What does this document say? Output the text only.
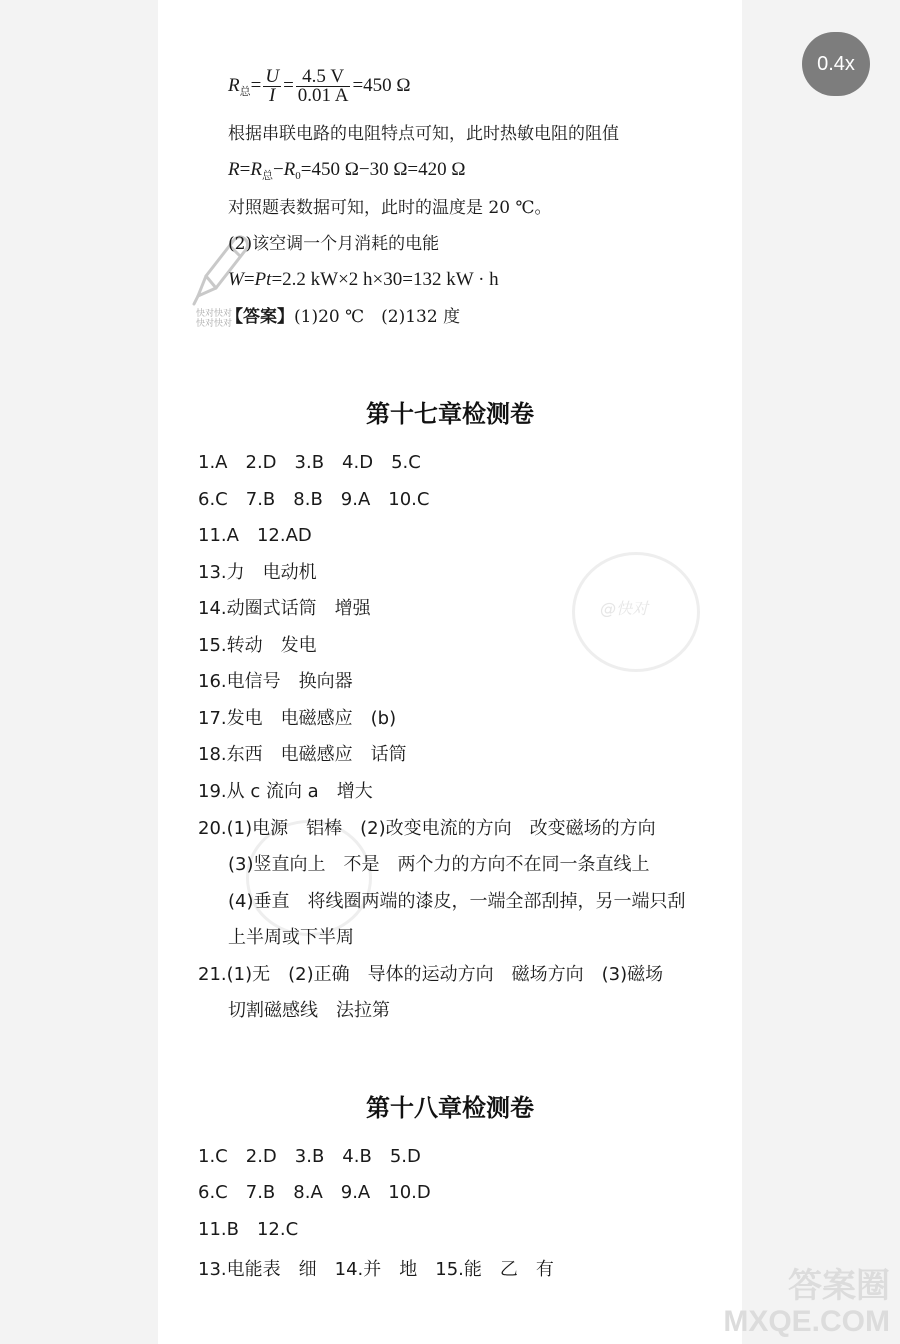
0.4x
@快对
$R_总= \frac{U}{I} = \frac{4.5 V}{0.01 A} =450$ Ω
根据串联电路的电阻特点可知，此时热敏电阻的阻值
$R=R_总-R_0=450$ Ω−30 Ω=420 Ω
对照题表数据可知，此时的温度是 20 ℃。
(2)该空调一个月消耗的电能
W=Pt=2.2 kW×2 h×30=132 kW · h
快对快对
快对快对
【答案】(1)20 ℃　(2)132 度
第十七章检测卷
1.A　2.D　3.B　4.D　5.C
6.C　7.B　8.B　9.A　10.C
11.A　12.AD
13.力　电动机
14.动圈式话筒　增强
15.转动　发电
16.电信号　换向器
17.发电　电磁感应　(b)
18.东西　电磁感应　话筒
19.从 c 流向 a　增大
20.(1)电源　铝棒　(2)改变电流的方向　改变磁场的方向
(3)竖直向上　不是　两个力的方向不在同一条直线上
(4)垂直　将线圈两端的漆皮，一端全部刮掉，另一端只刮
上半周或下半周
21.(1)无　(2)正确　导体的运动方向　磁场方向　(3)磁场
切割磁感线　法拉第
第十八章检测卷
1.C　2.D　3.B　4.B　5.D
6.C　7.B　8.A　9.A　10.D
11.B　12.C
13.电能表　细　14.并　地　15.能　乙　有	答案圈
MXQE.COM
